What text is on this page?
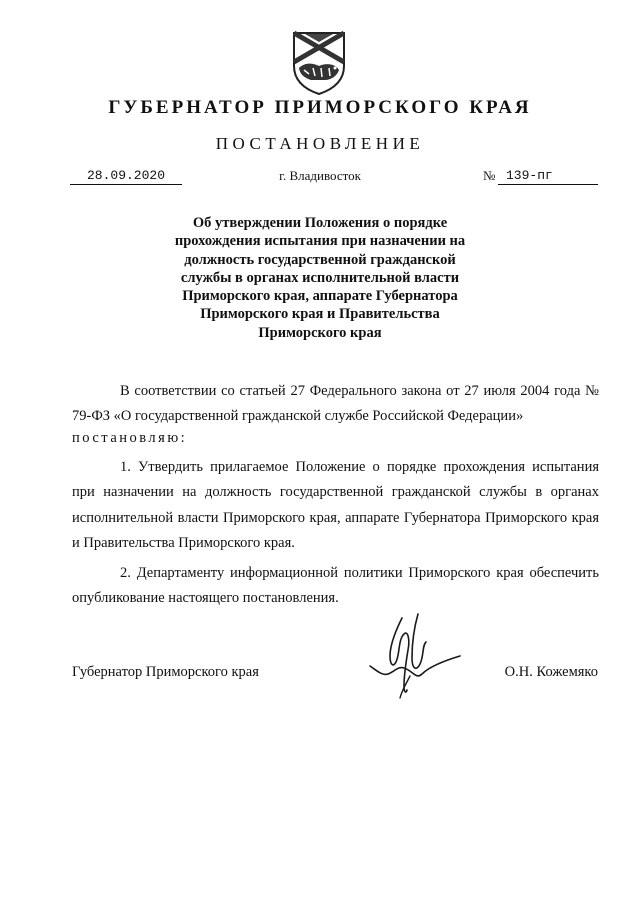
ГУБЕРНАТОР ПРИМОРСКОГО КРАЯ
ПОСТАНОВЛЕНИЕ
28.09.2020	г. Владивосток	№ 139-пг
Об утверждении Положения о порядке прохождения испытания при назначении на должность государственной гражданской службы в органах исполнительной власти Приморского края, аппарате Губернатора Приморского края и Правительства Приморского края

В соответствии со статьей 27 Федерального закона от 27 июля 2004 года № 79-ФЗ «О государственной гражданской службе Российской Федерации»

постановляю:

1. Утвердить прилагаемое Положение о порядке прохождения испытания при назначении на должность государственной гражданской службы в органах исполнительной власти Приморского края, аппарате Губернатора Приморского края и Правительства Приморского края.

2. Департаменту информационной политики Приморского края обеспечить опубликование настоящего постановления.

Губернатор Приморского края	О.Н. Кожемяко
